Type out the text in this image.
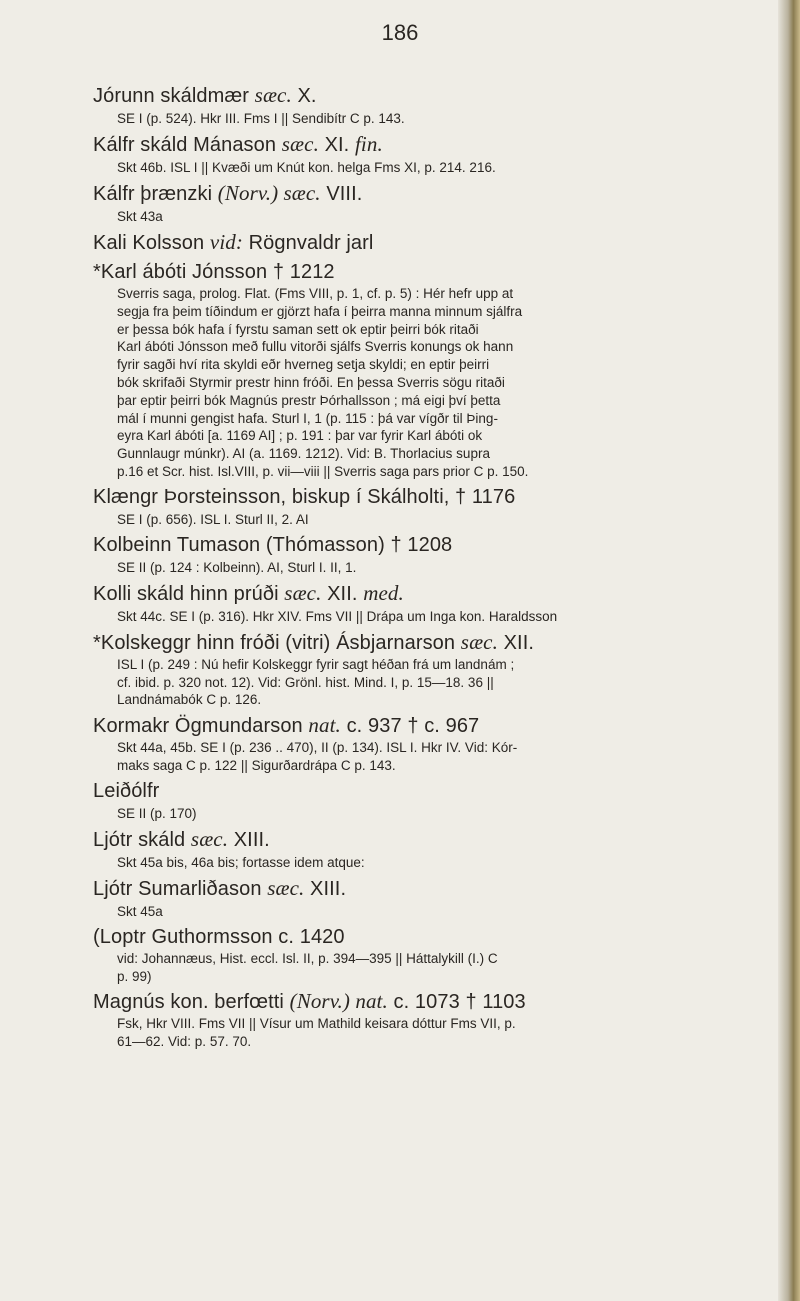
186
Jórunn skáldmær sæc. X.
SE I (p. 524). Hkr III. Fms I || Sendibítr C p. 143.
Kálfr skáld Mánason sæc. XI. fin.
Skt 46b. ISL I || Kvæði um Knút kon. helga Fms XI, p. 214. 216.
Kálfr þrænzki (Norv.) sæc. VIII.
Skt 43a
Kali Kolsson vid: Rögnvaldr jarl
*Karl ábóti Jónsson † 1212
Sverris saga, prolog. Flat. (Fms VIII, p. 1, cf. p. 5) : Hér hefr upp at
segja fra þeim tíðindum er gjörzt hafa í þeirra manna minnum sjálfra
er þessa bók hafa í fyrstu saman sett ok eptir þeirri bók ritaði
Karl ábóti Jónsson með fullu vitorði sjálfs Sverris konungs ok hann
fyrir sagði hví rita skyldi eðr hverneg setja skyldi; en eptir þeirri
bók skrifaði Styrmir prestr hinn fróði. En þessa Sverris sögu ritaði
þar eptir þeirri bók Magnús prestr Þórhallsson ; má eigi því þetta
mál í munni gengist hafa. Sturl I, 1 (p. 115 : þá var vígðr til Þing-
eyra Karl ábóti [a. 1169 AI] ; p. 191 : þar var fyrir Karl ábóti ok
Gunnlaugr múnkr). AI (a. 1169. 1212). Vid: B. Thorlacius supra
p.16 et Scr. hist. Isl.VIII, p. vii—viii || Sverris saga pars prior C p. 150.
Klængr Þorsteinsson, biskup í Skálholti, † 1176
SE I (p. 656). ISL I. Sturl II, 2. AI
Kolbeinn Tumason (Thómasson) † 1208
SE II (p. 124 : Kolbeinn). AI, Sturl I. II, 1.
Kolli skáld hinn prúði sæc. XII. med.
Skt 44c. SE I (p. 316). Hkr XIV. Fms VII || Drápa um Inga kon. Haraldsson
*Kolskeggr hinn fróði (vitri) Ásbjarnarson sæc. XII.
ISL I (p. 249 : Nú hefir Kolskeggr fyrir sagt héðan frá um landnám ;
cf. ibid. p. 320 not. 12). Vid: Grönl. hist. Mind. I, p. 15—18. 36 ||
Landnámabók C p. 126.
Kormakr Ögmundarson nat. c. 937 † c. 967
Skt 44a, 45b. SE I (p. 236 .. 470), II (p. 134). ISL I. Hkr IV. Vid: Kór-
maks saga C p. 122 || Sigurðardrápa C p. 143.
Leiðólfr
SE II (p. 170)
Ljótr skáld sæc. XIII.
Skt 45a bis, 46a bis; fortasse idem atque:
Ljótr Sumarliðason sæc. XIII.
Skt 45a
(Loptr Guthormsson c. 1420
vid: Johannæus, Hist. eccl. Isl. II, p. 394—395 || Háttalykill (I.) C
p. 99)
Magnús kon. berfœtti (Norv.) nat. c. 1073 † 1103
Fsk, Hkr VIII. Fms VII || Vísur um Mathild keisara dóttur Fms VII, p.
61—62. Vid: p. 57. 70.
